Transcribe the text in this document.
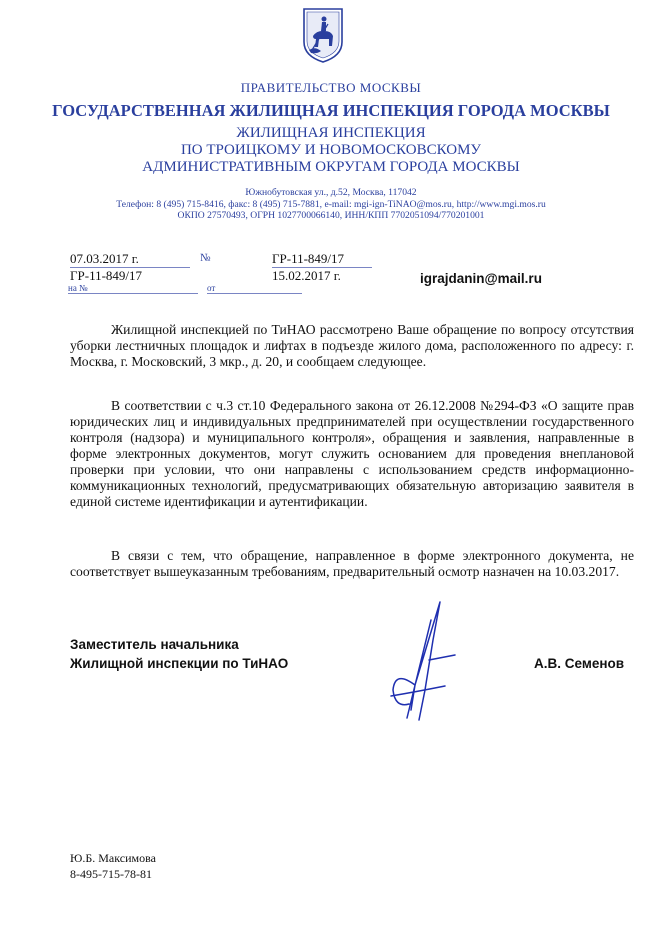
ПРАВИТЕЛЬСТВО МОСКВЫ
ГОСУДАРСТВЕННАЯ ЖИЛИЩНАЯ ИНСПЕКЦИЯ ГОРОДА МОСКВЫ
ЖИЛИЩНАЯ ИНСПЕКЦИЯ
ПО ТРОИЦКОМУ И НОВОМОСКОВСКОМУ
АДМИНИСТРАТИВНЫМ ОКРУГАМ ГОРОДА МОСКВЫ
Южнобутовская ул., д.52, Москва, 117042
Телефон: 8 (495) 715-8416, факс: 8 (495) 715-7881, e-mail: mgi-ign-TiNAO@mos.ru, http://www.mgi.mos.ru
ОКПО 27570493, ОГРН 1027700066140, ИНН/КПП 7702051094/770201001
07.03.2017 г.	№	ГР-11-849/17
ГР-11-849/17	15.02.2017 г.
на №	от
igrajdanin@mail.ru

Жилищной инспекцией по ТиНАО рассмотрено Ваше обращение по вопросу отсутствия уборки лестничных площадок и лифтах в подъезде жилого дома, расположенного по адресу: г. Москва, г. Московский, 3 мкр., д. 20, и сообщаем следующее.

В соответствии с ч.3 ст.10 Федерального закона от 26.12.2008 №294-ФЗ «О защите прав юридических лиц и индивидуальных предпринимателей при осуществлении государственного контроля (надзора) и муниципального контроля», обращения и заявления, направленные в форме электронных документов, могут служить основанием для проведения внеплановой проверки при условии, что они направлены с использованием средств информационно-коммуникационных технологий, предусматривающих обязательную авторизацию заявителя в единой системе идентификации и аутентификации.

В связи с тем, что обращение, направленное в форме электронного документа, не соответствует вышеуказанным требованиям, предварительный осмотр назначен на 10.03.2017.

Заместитель начальника
Жилищной инспекции по ТиНАО	А.В. Семенов
Ю.Б. Максимова
8-495-715-78-81
